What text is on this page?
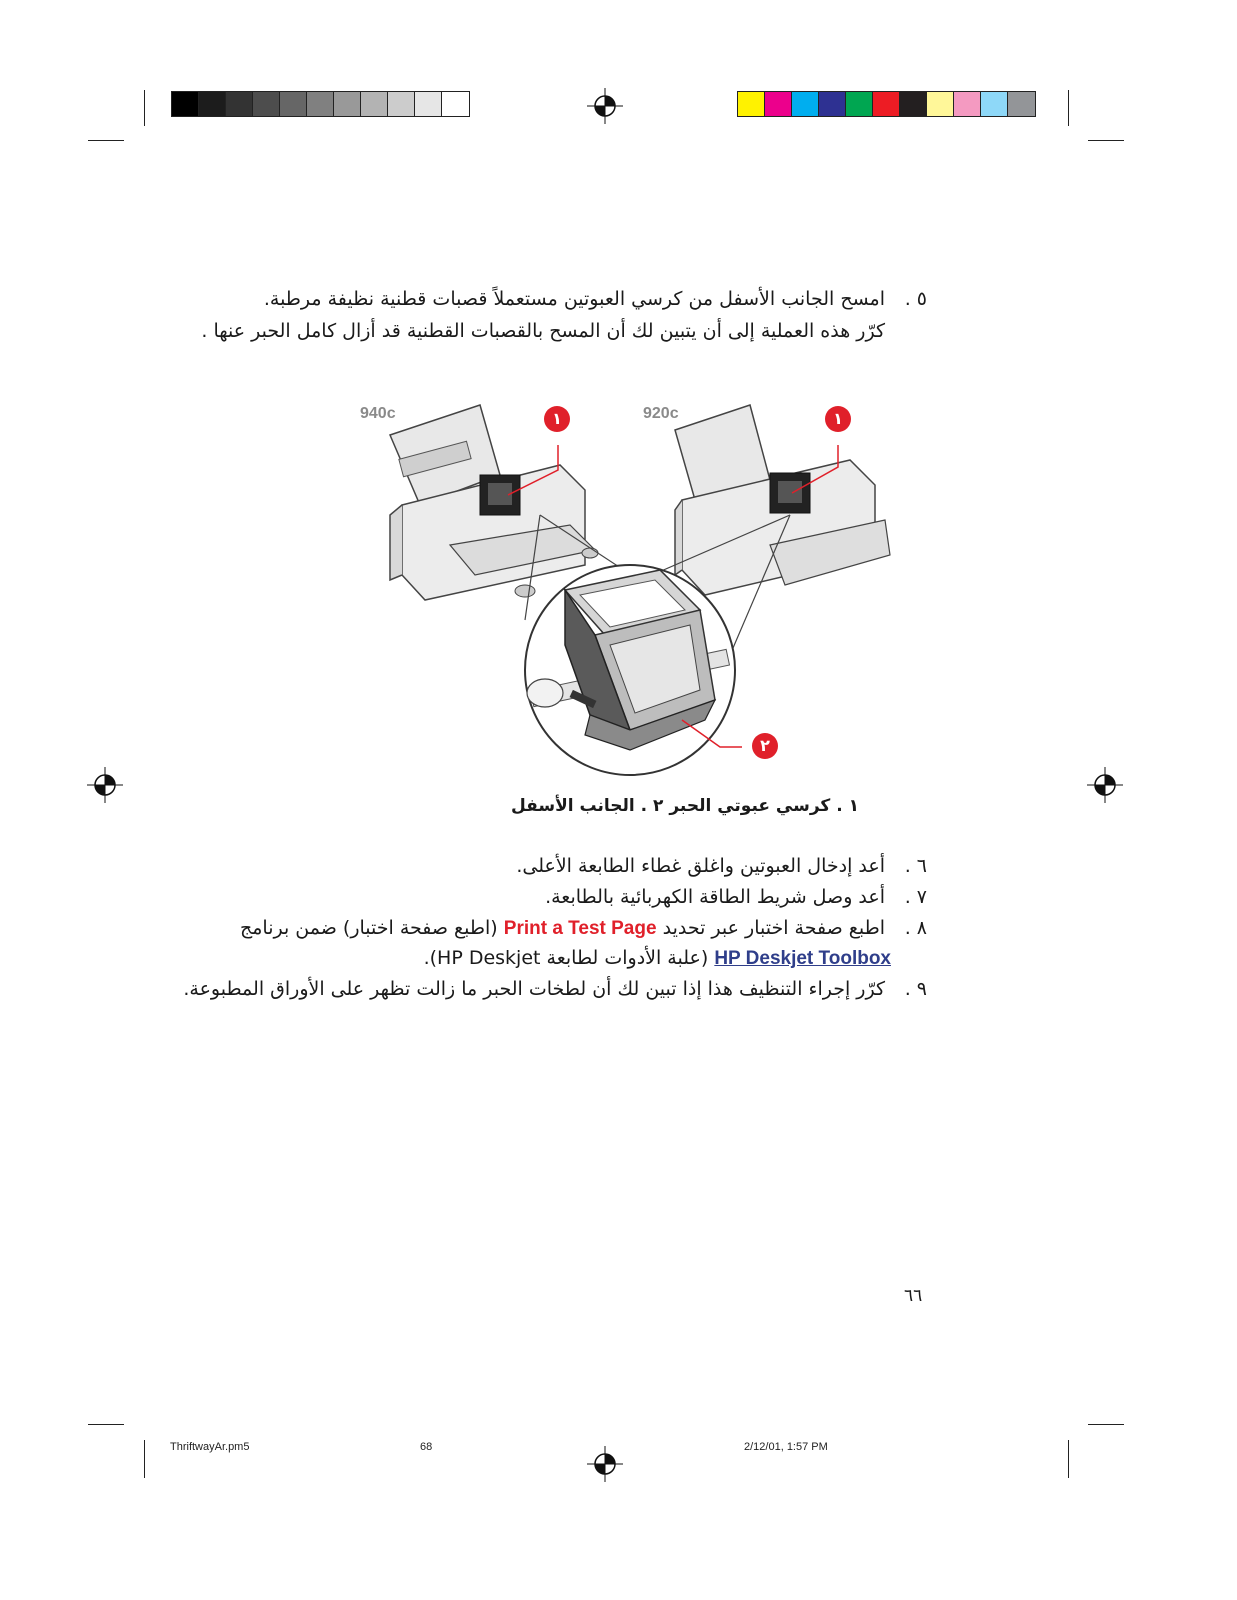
٥ .امسح الجانب الأسفل من كرسي العبوتين مستعملاً قصبات قطنية نظيفة مرطبة.
كرّر هذه العملية إلى أن يتبين لك أن المسح بالقصبات القطنية قد أزال كامل الحبر عنها .
940c	920c
١	١
٢
١ . كرسي عبوتي الحبر ٢ . الجانب الأسفل
٦ .أعد إدخال العبوتين واغلق غطاء الطابعة الأعلى.
٧ .أعد وصل شريط الطاقة الكهربائية بالطابعة.
٨ .اطبع صفحة اختبار عبر تحديد Print a Test Page (اطبع صفحة اختبار) ضمن برنامج
HP Deskjet Toolbox (علبة الأدوات لطابعة HP Deskjet).
٩ .كرّر إجراء التنظيف هذا إذا تبين لك أن لطخات الحبر ما زالت تظهر على الأوراق المطبوعة.
٦٦
ThriftwayAr.pm5	68	2/12/01, 1:57 PM
